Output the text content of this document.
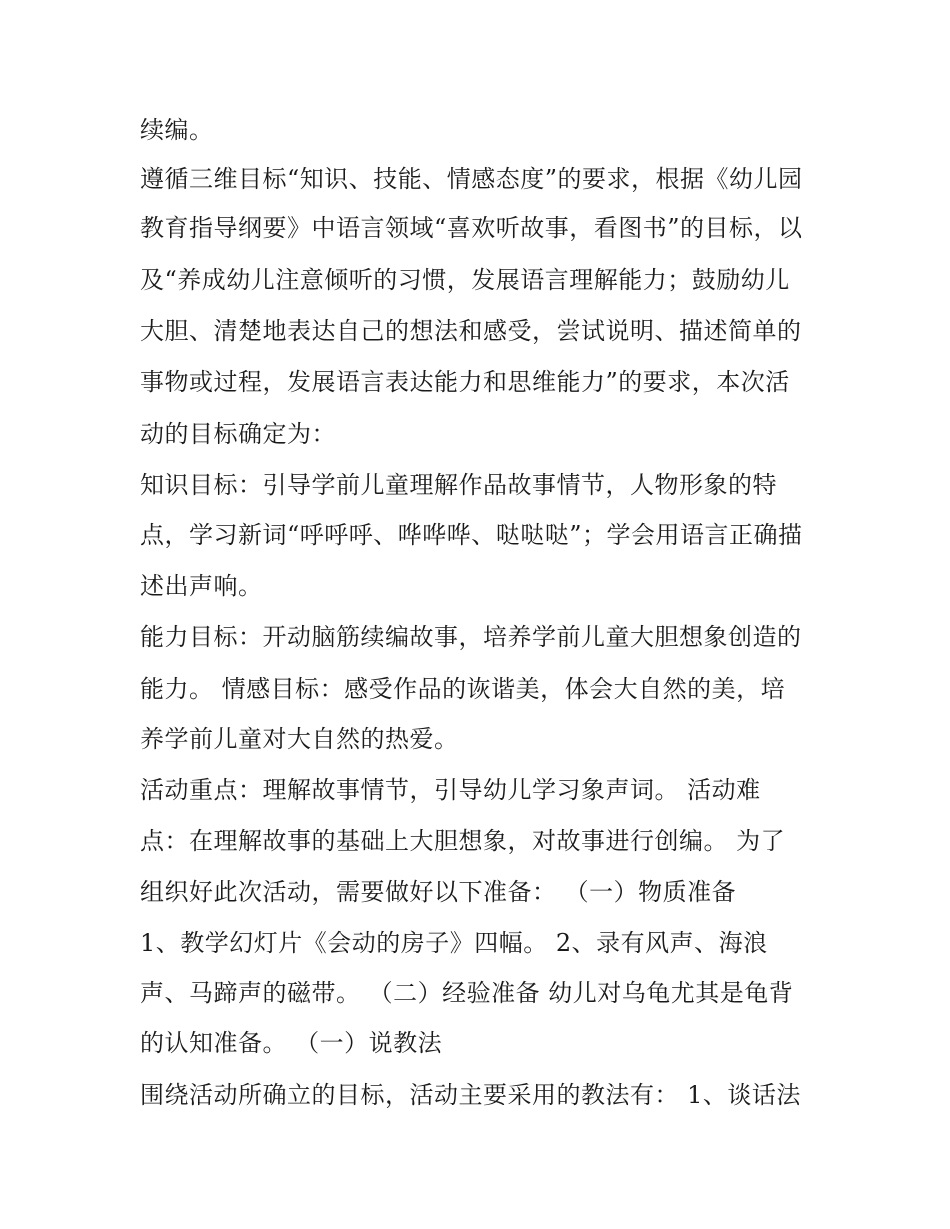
续编。
遵循三维目标“知识、技能、情感态度”的要求，根据《幼儿园
教育指导纲要》中语言领域“喜欢听故事，看图书”的目标，以
及“养成幼儿注意倾听的习惯，发展语言理解能力；鼓励幼儿
大胆、清楚地表达自己的想法和感受，尝试说明、描述简单的
事物或过程，发展语言表达能力和思维能力”的要求，本次活
动的目标确定为：
知识目标：引导学前儿童理解作品故事情节，人物形象的特
点，学习新词“呼呼呼、哗哗哗、哒哒哒”；学会用语言正确描
述出声响。
能力目标：开动脑筋续编故事，培养学前儿童大胆想象创造的
能力。 情感目标：感受作品的诙谐美，体会大自然的美，培
养学前儿童对大自然的热爱。
活动重点：理解故事情节，引导幼儿学习象声词。 活动难
点：在理解故事的基础上大胆想象，对故事进行创编。 为了
组织好此次活动，需要做好以下准备： （一）物质准备
1、教学幻灯片《会动的房子》四幅。 2、录有风声、海浪
声、马蹄声的磁带。 （二）经验准备 幼儿对乌龟尤其是龟背
的认知准备。 （一）说教法
围绕活动所确立的目标，活动主要采用的教法有： 1、谈话法
